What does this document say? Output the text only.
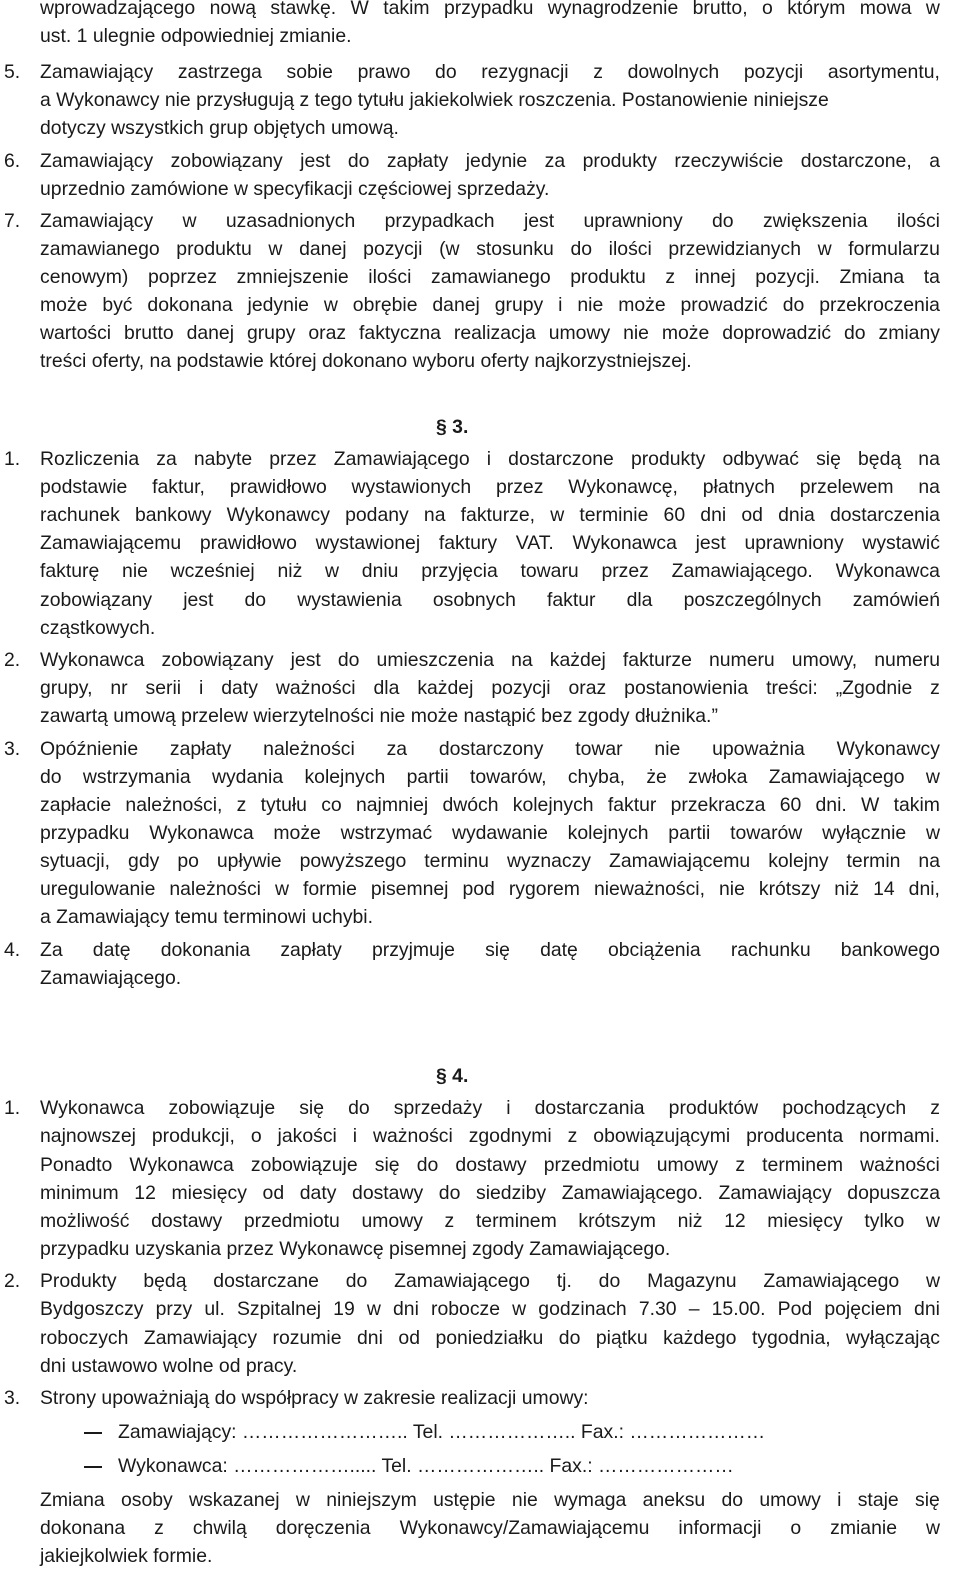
wprowadzającego nową stawkę. W takim przypadku wynagrodzenie brutto, o którym mowa w
ust. 1 ulegnie odpowiedniej zmianie.
5. Zamawiający zastrzega sobie prawo do rezygnacji z dowolnych pozycji asortymentu,
a Wykonawcy nie przysługują z tego tytułu jakiekolwiek roszczenia. Postanowienie niniejsze
dotyczy wszystkich grup objętych umową.
6. Zamawiający zobowiązany jest do zapłaty jedynie za produkty rzeczywiście dostarczone, a
uprzednio zamówione w specyfikacji częściowej sprzedaży.
7. Zamawiający w uzasadnionych przypadkach jest uprawniony do zwiększenia ilości
zamawianego produktu w danej pozycji (w stosunku do ilości przewidzianych w formularzu
cenowym) poprzez zmniejszenie ilości zamawianego produktu z innej pozycji. Zmiana ta
może być dokonana jedynie w obrębie danej grupy i nie może prowadzić do przekroczenia
wartości brutto danej grupy oraz faktyczna realizacja umowy nie może doprowadzić do zmiany
treści oferty, na podstawie której dokonano wyboru oferty najkorzystniejszej.
§ 3.
1. Rozliczenia za nabyte przez Zamawiającego i dostarczone produkty odbywać się będą na
podstawie faktur, prawidłowo wystawionych przez Wykonawcę, płatnych przelewem na
rachunek bankowy Wykonawcy podany na fakturze, w terminie 60 dni od dnia dostarczenia
Zamawiającemu prawidłowo wystawionej faktury VAT. Wykonawca jest uprawniony wystawić
fakturę nie wcześniej niż w dniu przyjęcia towaru przez Zamawiającego. Wykonawca
zobowiązany jest do wystawienia osobnych faktur dla poszczególnych zamówień
cząstkowych.
2. Wykonawca zobowiązany jest do umieszczenia na każdej fakturze numeru umowy, numeru
grupy, nr serii i daty ważności dla każdej pozycji oraz postanowienia treści: „Zgodnie z
zawartą umową przelew wierzytelności nie może nastąpić bez zgody dłużnika.”
3. Opóźnienie zapłaty należności za dostarczony towar nie upoważnia Wykonawcy
do wstrzymania wydania kolejnych partii towarów, chyba, że zwłoka Zamawiającego w
zapłacie należności, z tytułu co najmniej dwóch kolejnych faktur przekracza 60 dni. W takim
przypadku Wykonawca może wstrzymać wydawanie kolejnych partii towarów wyłącznie w
sytuacji, gdy po upływie powyższego terminu wyznaczy Zamawiającemu kolejny termin na
uregulowanie należności w formie pisemnej pod rygorem nieważności, nie krótszy niż 14 dni,
a Zamawiający temu terminowi uchybi.
4. Za datę dokonania zapłaty przyjmuje się datę obciążenia rachunku bankowego
Zamawiającego.
§ 4.
1. Wykonawca zobowiązuje się do sprzedaży i dostarczania produktów pochodzących z
najnowszej produkcji, o jakości i ważności zgodnymi z obowiązującymi producenta normami.
Ponadto Wykonawca zobowiązuje się do dostawy przedmiotu umowy z terminem ważności
minimum 12 miesięcy od daty dostawy do siedziby Zamawiającego. Zamawiający dopuszcza
możliwość dostawy przedmiotu umowy z terminem krótszym niż 12 miesięcy tylko w
przypadku uzyskania przez Wykonawcę pisemnej zgody Zamawiającego.
2. Produkty będą dostarczane do Zamawiającego tj. do Magazynu Zamawiającego w
Bydgoszczy przy ul. Szpitalnej 19 w dni robocze w godzinach 7.30 – 15.00. Pod pojęciem dni
roboczych Zamawiający rozumie dni od poniedziałku do piątku każdego tygodnia, wyłączając
dni ustawowo wolne od pracy.
3. Strony upoważniają do współpracy w zakresie realizacji umowy:
Zamawiający: …………………….. Tel. ……………….. Fax.: …………………
Wykonawca: ………………..... Tel. ……………….. Fax.: …………………
Zmiana osoby wskazanej w niniejszym ustępie nie wymaga aneksu do umowy i staje się
dokonana z chwilą doręczenia Wykonawcy/Zamawiającemu informacji o zmianie w
jakiejkolwiek formie.
